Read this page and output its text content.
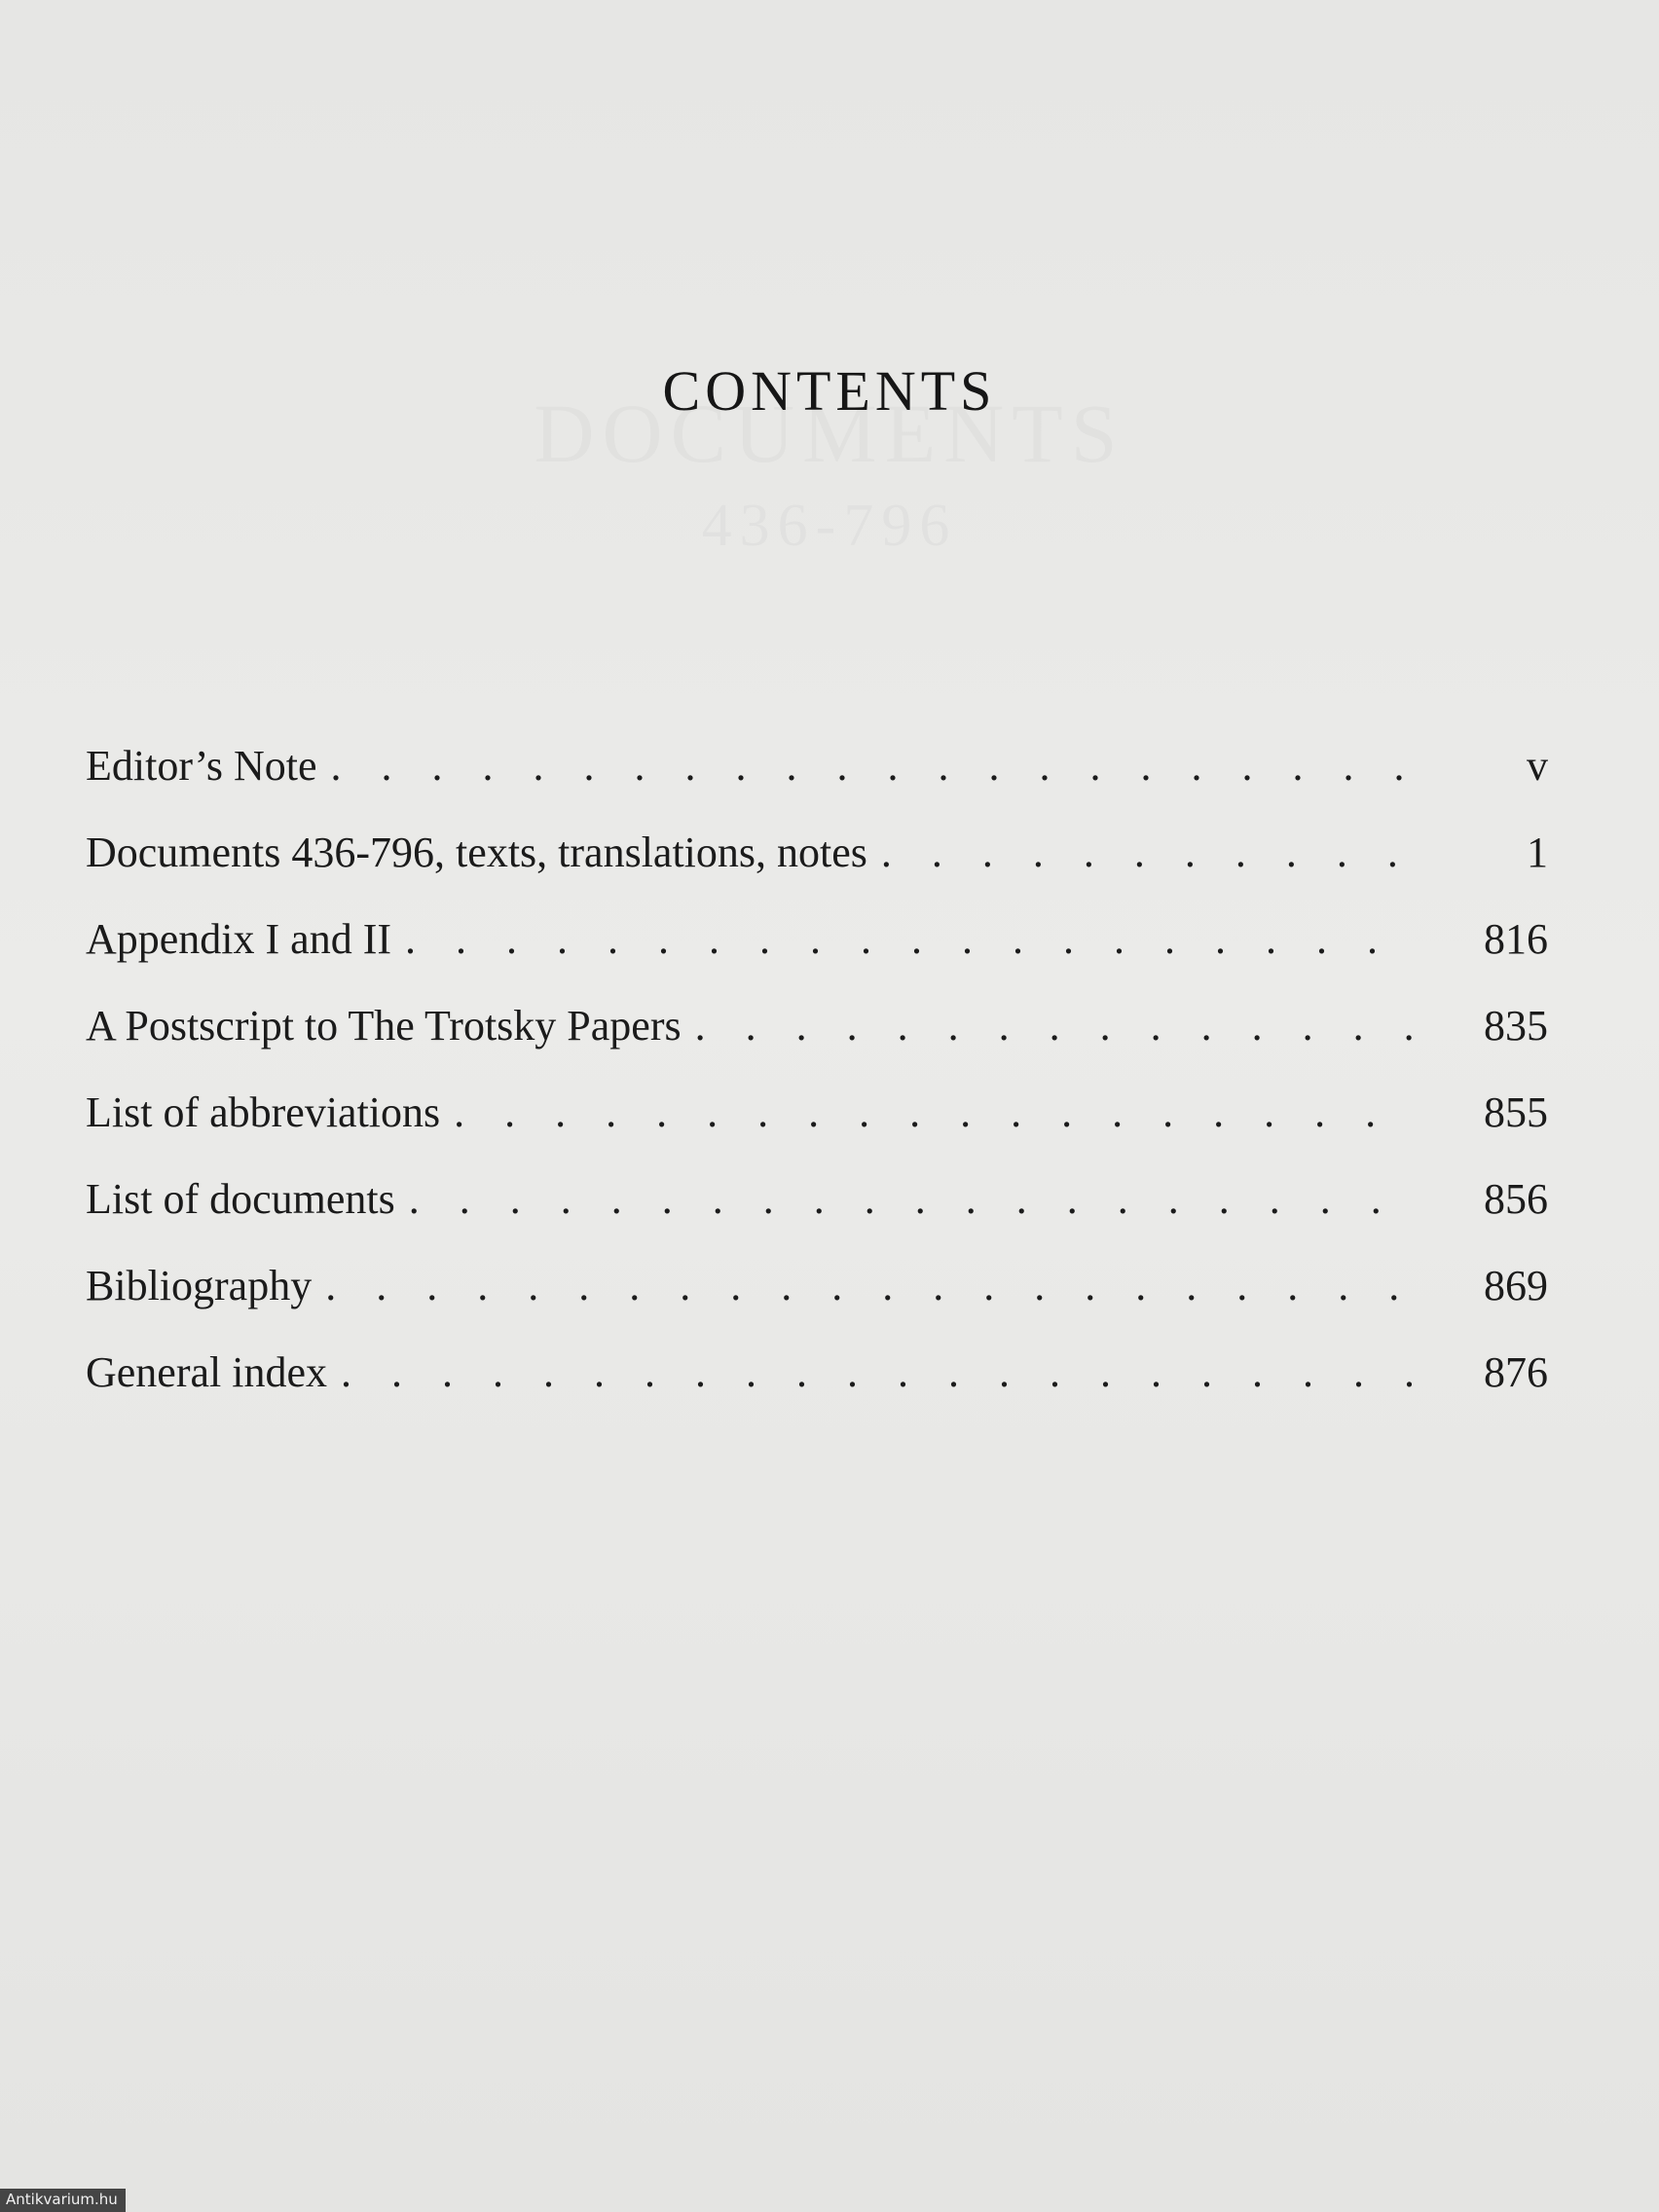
CONTENTS
Editor’s Note . . .	v
Documents 436-796, texts, translations, notes . . .	1
Appendix I and II . . .	816
A Postscript to The Trotsky Papers . . .	835
List of abbreviations . . .	855
List of documents . . .	856
Bibliography . . .	869
General index . . .	876
Antikvarium.hu
